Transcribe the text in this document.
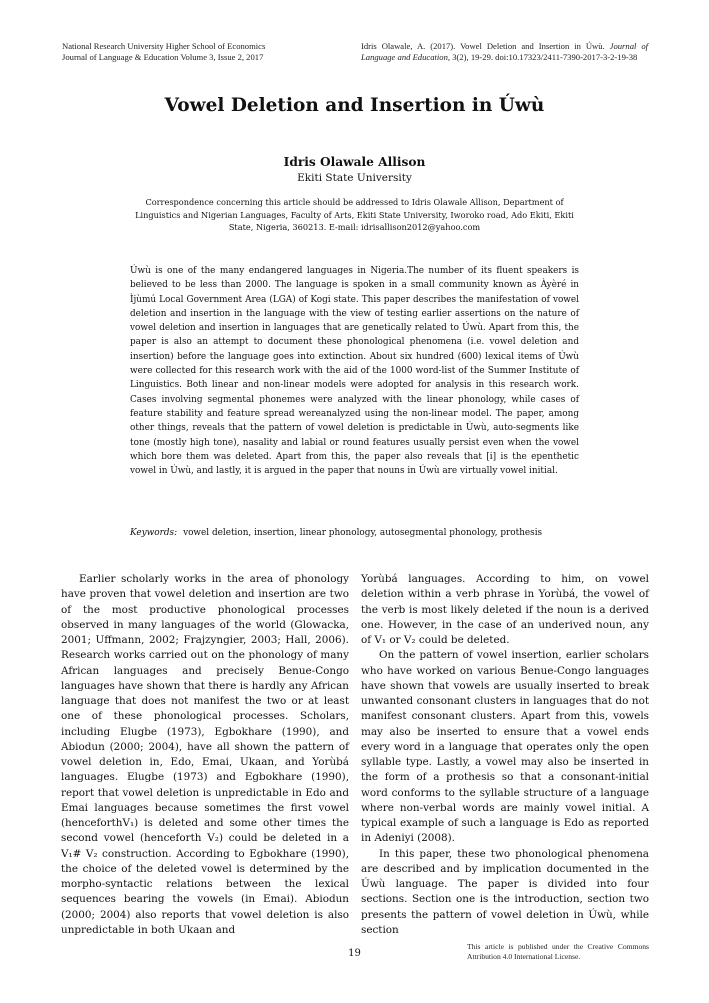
National Research University Higher School of Economics
Journal of Language & Education Volume 3, Issue 2, 2017
Idris Olawale, A. (2017). Vowel Deletion and Insertion in Úwù. Journal of Language and Education, 3(2), 19-29. doi:10.17323/2411-7390-2017-3-2-19-38
Vowel Deletion and Insertion in Úwù
Idris Olawale Allison
Ekiti State University
Correspondence concerning this article should be addressed to Idris Olawale Allison, Department of Linguistics and Nigerian Languages, Faculty of Arts, Ekiti State University, Iworoko road, Ado Ekiti, Ekiti State, Nigeria, 360213. E-mail: idrisallison2012@yahoo.com

Úwù is one of the many endangered languages in Nigeria.The number of its fluent speakers is believed to be less than 2000. The language is spoken in a small community known as Àyèré in Ìjùmú Local Government Area (LGA) of Kogi state. This paper describes the manifestation of vowel deletion and insertion in the language with the view of testing earlier assertions on the nature of vowel deletion and insertion in languages that are genetically related to Úwù. Apart from this, the paper is also an attempt to document these phonological phenomena (i.e. vowel deletion and insertion) before the language goes into extinction. About six hundred (600) lexical items of Úwù were collected for this research work with the aid of the 1000 word-list of the Summer Institute of Linguistics. Both linear and non-linear models were adopted for analysis in this research work. Cases involving segmental phonemes were analyzed with the linear phonology, while cases of feature stability and feature spread wereanalyzed using the non-linear model. The paper, among other things, reveals that the pattern of vowel deletion is predictable in Úwù, auto-segments like tone (mostly high tone), nasality and labial or round features usually persist even when the vowel which bore them was deleted. Apart from this, the paper also reveals that [i] is the epenthetic vowel in Úwù, and lastly, it is argued in the paper that nouns in Úwù are virtually vowel initial.

Keywords: vowel deletion, insertion, linear phonology, autosegmental phonology, prothesis

Earlier scholarly works in the area of phonology have proven that vowel deletion and insertion are two of the most productive phonological processes observed in many languages of the world (Glowacka, 2001; Uffmann, 2002; Frajzyngier, 2003; Hall, 2006). Research works carried out on the phonology of many African languages and precisely Benue-Congo languages have shown that there is hardly any African language that does not manifest the two or at least one of these phonological processes. Scholars, including Elugbe (1973), Egbokhare (1990), and Abiodun (2000; 2004), have all shown the pattern of vowel deletion in, Edo, Emai, Ukaan, and Yorùbá languages. Elugbe (1973) and Egbokhare (1990), report that vowel deletion is unpredictable in Edo and Emai languages because sometimes the first vowel (henceforthV₁) is deleted and some other times the second vowel (henceforth V₂) could be deleted in a V₁# V₂ construction. According to Egbokhare (1990), the choice of the deleted vowel is determined by the morpho-syntactic relations between the lexical sequences bearing the vowels (in Emai). Abiodun (2000; 2004) also reports that vowel deletion is also unpredictable in both Ukaan and

Yorùbá languages. According to him, on vowel deletion within a verb phrase in Yorùbá, the vowel of the verb is most likely deleted if the noun is a derived one. However, in the case of an underived noun, any of V₁ or V₂ could be deleted.

On the pattern of vowel insertion, earlier scholars who have worked on various Benue-Congo languages have shown that vowels are usually inserted to break unwanted consonant clusters in languages that do not manifest consonant clusters. Apart from this, vowels may also be inserted to ensure that a vowel ends every word in a language that operates only the open syllable type. Lastly, a vowel may also be inserted in the form of a prothesis so that a consonant-initial word conforms to the syllable structure of a language where non-verbal words are mainly vowel initial. A typical example of such a language is Edo as reported in Adeniyi (2008).

In this paper, these two phonological phenomena are described and by implication documented in the Úwù language. The paper is divided into four sections. Section one is the introduction, section two presents the pattern of vowel deletion in Úwù, while section

19
This article is published under the Creative Commons Attribution 4.0 International License.
